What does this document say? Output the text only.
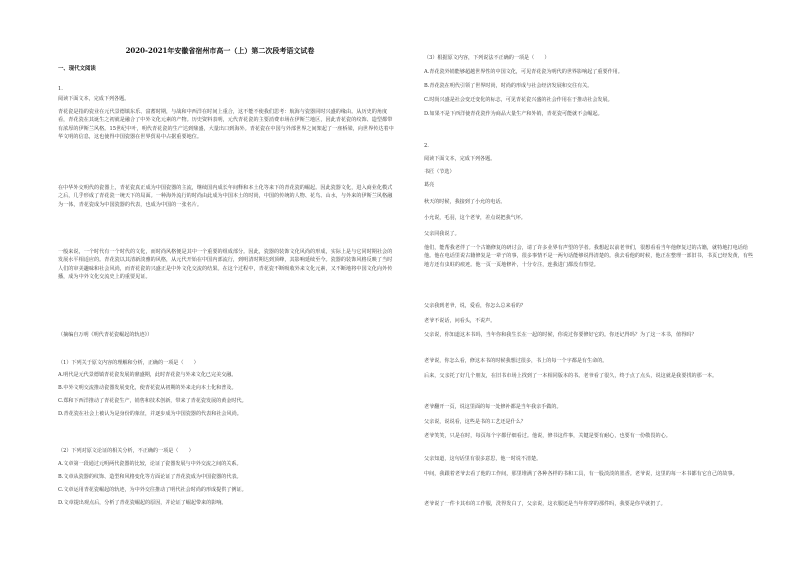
2020-2021年安徽省宿州市高一（上）第二次段考语文试卷
一、现代文阅读
1.
阅读下面文本，完成下列各题。
青花瓷是指的瓷业在元代景德镇东乐、富蓄时期，与战和中西洋在时间上重合，这不能不使我们思考：航海与瓷器同时兴盛的缘由。从历史的角度看，青花瓷在其诞生之初就是融合了中外文化元素的产物。历史资料表明，元代青花瓷的主要消费市场在伊斯兰地区，因此青花瓷的纹饰、造型都带有浓厚的伊斯兰风格。15世纪中叶，明代青花瓷的生产达到鼎盛，大量出口到海外。青花瓷在中国与外部世界之间架起了一座桥梁，向世界传达着中华文明的信息，这也使得中国瓷器在世界贸易中占据重要地位。
在中华外交明代的瓷器上，青花瓷真正成为中国瓷器的主流，继续国内成长年间释和本土化等来下的青花瓷的崛起。因此瓷器文化，进入商业化模式之后，几乎形成了青花瓷一统天下的局面。一种海外流行的时尚由此成为中国本土的时尚，中国的传统的人物、花鸟、山水，与外来的伊斯兰风格融为一体，青花瓷成为中国瓷器的代表，也成为中国的一张名片。
一般来说，一个时代有一个时代的文化，而时尚风格便是其中一个重要的组成部分。因此，瓷器的装饰文化风尚的形成，实际上是与它同时期社会的发展水平相适应的。青花瓷以其清新淡雅的风格，从元代开始在中国内部流行，到明清时期达到顶峰，其影响延续至今。瓷器的装饰风格反映了当时人们的审美趣味和社会风尚，而青花瓷的兴盛正是中外文化交流的结果。在这个过程中，青花瓷不断吸收外来文化元素，又不断地将中国文化向外传播，成为中外文化交流史上的重要见证。
（摘编自万明《明代青花瓷崛起的轨迹》）
（1）下列关于原文内容的理解和分析，正确的一项是（　　）
A.明代是元代景德镇青花瓷发展的鼎盛期，此时青花瓷与外来文化已完美交融。
B.中外文明交流推动瓷器发展变化，使青花瓷从初期的外来走向本土化和普及。
C.郑和下西洋推动了青花瓷生产，销售和技术创新，带来了青花瓷发展的黄金时代。
D.青花瓷在社会上被认为是身份的象征，并逐步成为中国瓷器的代表和社会风尚。
（2）下列对原文论证的相关分析，不正确的一项是（　　）
A.文章第一段通过元明两代瓷器的比较，论证了瓷器发展与中外交流之间的关系。
B.文章从瓷器的纹饰、造型和风格变化等方面论证了青花瓷成为中国瓷器的代表。
C.文章运用青花瓷崛起的轨迹，为中外交往推动了明代社会时尚的形成提供了例证。
D.文章提出观点后，分析了青花瓷崛起的原因，并论证了崛起带来的影响。
（3）根据原文内容，下列说法不正确的一项是（　　）
A.青花瓷外销能够超越世界性的中国文化，可见青花瓷为明代的世界影响起了重要作用。
B.青花瓷在明代引领了世界时尚，时尚的形成与社会经济发展和交往有关。
C.时尚兴盛是社会变迁变化的标志，可见青花瓷兴盛的社会作用在于推动社会发展。
D.如果不是下西洋使青花瓷作为商品大量生产和外销，青花瓷可能就不会崛起。
2.
阅读下面文本，完成下列各题。
书匠（节选）
葛亮
秋天的时候，我接到了小允的电话。
小允说，毛羽，这个老爷，差点说把我气坏。
父亲同我说了。
他们，能帮我老伴了一个古籍修复的研讨会，请了许多业界有声望的学者。我想起以前老爷们，很想看看当年他修复过的古籍，就特地打电话给他。他在电话里说古籍修复是一辈子的事，很多事情不是一两句话能够说得清楚的。我去看他的时候，他正在整理一部旧书，书页已经发黄，有些地方还有虫蛀的痕迹。他一页一页地修补，十分专注，连我进门都没有察觉。
父亲我到老爷，说，爱看，你怎么总来看的？
老爷不说话，问看头，不说声。
父亲说，你知道这本书吗，当年你和我生长在一起的时候，你说过你要修好它的。你还记得吗？为了这一本书，值得吗？
老爷说，你怎么看，修这本书的时候我想过很多，书上的每一个字都是有生命的。
后来，父亲托了好几个朋友，在旧书市场上找到了一本相同版本的书。老爷看了很久，终于点了点头，说这就是我要找的那一本。
老爷翻开一页，说这里面的每一处修补都是当年我亲手做的。
父亲说，说说看，这些是书的工艺还是什么？
老爷笑笑，只是在时，每页每个字都仔细看过。他说，修书这件事，关键是要有耐心，也要有一份敬畏的心。
父亲知道，这句话里有很多意思，他一时说不清楚。
中间，我跟着老爷去看了他的工作间，那里堆满了各种各样的书和工具，有一股淡淡的墨香。老爷说，这里的每一本书都有它自己的故事。
老爷说了一件卡其布的工作服，洗得发白了，父亲说，这衣服还是当年你穿的那件吗，我要是你早就扔了。
